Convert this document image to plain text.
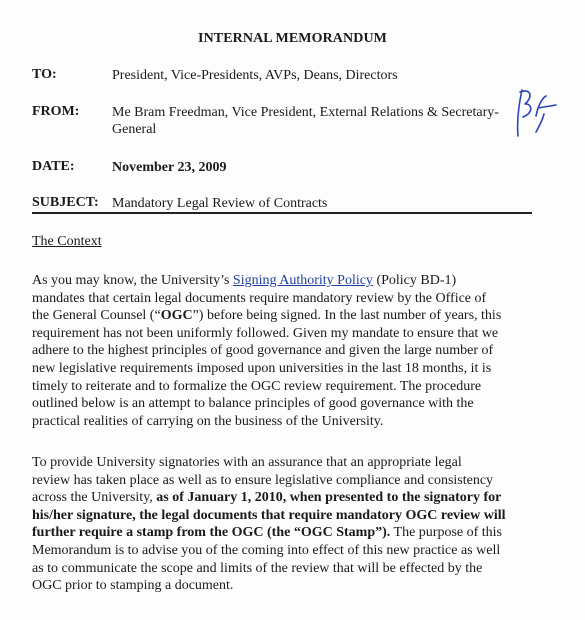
INTERNAL MEMORANDUM
TO:	President, Vice-Presidents, AVPs, Deans, Directors
FROM: Me Bram Freedman, Vice President, External Relations & Secretary-
General
DATE:	November 23, 2009
SUBJECT: Mandatory Legal Review of Contracts
The Context
As you may know, the University’s Signing Authority Policy (Policy BD-1)
mandates that certain legal documents require mandatory review by the Office of
the General Counsel (“OGC”) before being signed. In the last number of years, this
requirement has not been uniformly followed. Given my mandate to ensure that we
adhere to the highest principles of good governance and given the large number of
new legislative requirements imposed upon universities in the last 18 months, it is
timely to reiterate and to formalize the OGC review requirement. The procedure
outlined below is an attempt to balance principles of good governance with the
practical realities of carrying on the business of the University.
To provide University signatories with an assurance that an appropriate legal
review has taken place as well as to ensure legislative compliance and consistency
across the University, as of January 1, 2010, when presented to the signatory for
his/her signature, the legal documents that require mandatory OGC review will
further require a stamp from the OGC (the “OGC Stamp”). The purpose of this
Memorandum is to advise you of the coming into effect of this new practice as well
as to communicate the scope and limits of the review that will be effected by the
OGC prior to stamping a document.
